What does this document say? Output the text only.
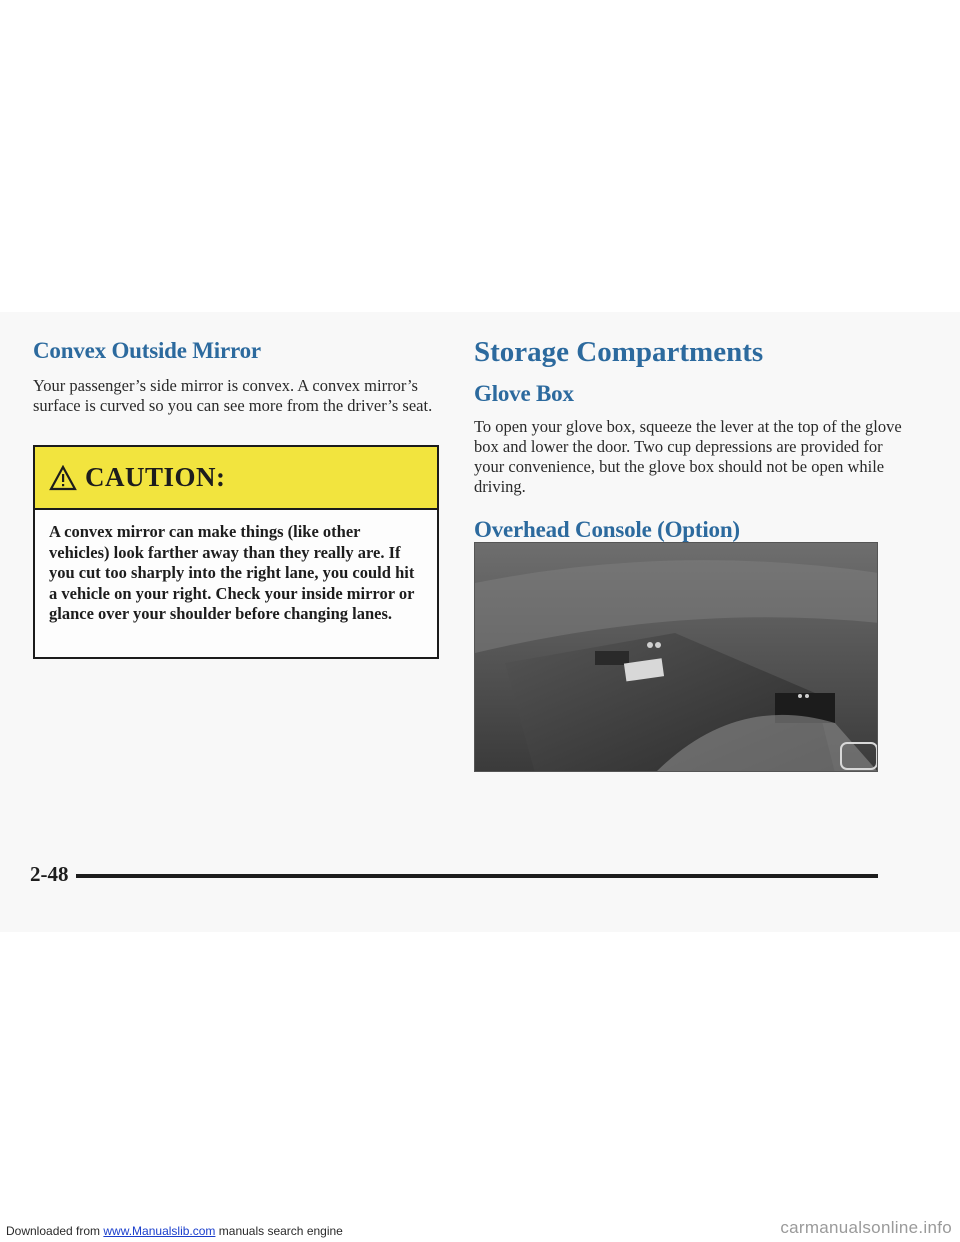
Convex Outside Mirror

Your passenger’s side mirror is convex. A convex mirror’s surface is curved so you can see more from the driver’s seat.

CAUTION:
A convex mirror can make things (like other vehicles) look farther away than they really are. If you cut too sharply into the right lane, you could hit a vehicle on your right. Check your inside mirror or glance over your shoulder before changing lanes.
Storage Compartments
Glove Box

To open your glove box, squeeze the lever at the top of the glove box and lower the door. Two cup depressions are provided for your convenience, but the glove box should not be open while driving.

Overhead Console (Option)
2-48
Downloaded from www.Manualslib.com manuals search engine	carmanualsonline.info
